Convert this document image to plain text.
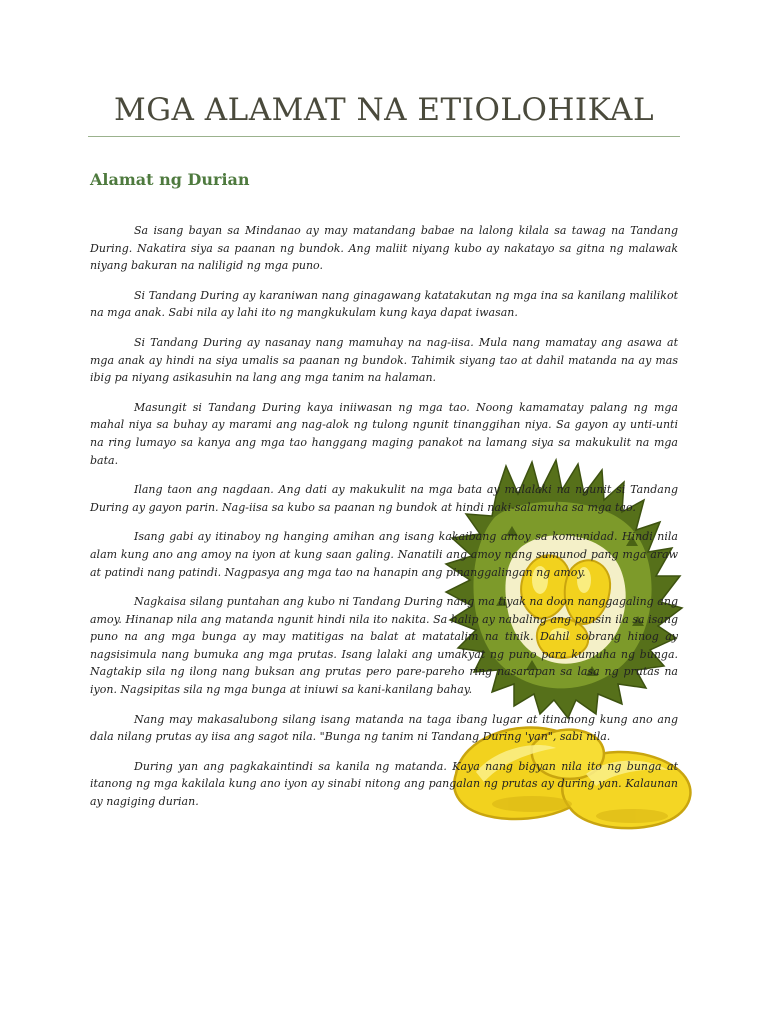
MGA ALAMAT NA ETIOLOHIKAL
Alamat ng Durian

Sa isang bayan sa Mindanao ay may matandang babae na lalong kilala sa tawag na Tandang During. Nakatira siya sa paanan ng bundok. Ang maliit niyang kubo ay nakatayo sa gitna ng malawak niyang bakuran na naliligid ng mga puno.

Si Tandang During ay karaniwan nang ginagawang katatakutan ng mga ina sa kanilang malilikot na mga anak. Sabi nila ay lahi ito ng mangkukulam kung kaya dapat iwasan.

Si Tandang During ay nasanay nang mamuhay na nag-iisa. Mula nang mamatay ang asawa at mga anak ay hindi na siya umalis sa paanan ng bundok. Tahimik siyang tao at dahil matanda na ay mas ibig pa niyang asikasuhin na lang ang mga tanim na halaman.

Masungit si Tandang During kaya iniiwasan ng mga tao. Noong kamamatay palang ng mga mahal niya sa buhay ay marami ang nag-alok ng tulong ngunit tinanggihan niya. Sa gayon ay unti-unti na ring lumayo sa kanya ang mga tao hanggang maging panakot na lamang siya sa makukulit na mga bata.

Ilang taon ang nagdaan. Ang dati ay makukulit na mga bata ay malalaki na ngunit si Tandang During ay gayon parin. Nag-iisa sa kubo sa paanan ng bundok at hindi naki-salamuha sa mga tao.

Isang gabi ay itinaboy ng hanging amihan ang isang kakaibang amoy sa komunidad. Hindi nila alam kung ano ang amoy na iyon at kung saan galing. Nanatili ang amoy nang sumunod pang mga araw at patindi nang patindi. Nagpasya ang mga tao na hanapin ang pinanggalingan ng amoy.

Nagkaisa silang puntahan ang kubo ni Tandang During nang ma tiyak na doon nanggagaling ang amoy. Hinanap nila ang matanda ngunit hindi nila ito nakita. Sa halip ay nabaling ang pansin ila sa isang puno na ang mga bunga ay may matitigas na balat at matatalim na tinik. Dahil sobrang hinog ay nagsisimula nang bumuka ang mga prutas. Isang lalaki ang umakyat ng puno para kumuha ng bunga. Nagtakip sila ng ilong nang buksan ang prutas pero pare-pareho ring nasarapan sa lasa ng prutas na iyon. Nagsipitas sila ng mga bunga at iniuwi sa kani-kanilang bahay.

Nang may makasalubong silang isang matanda na taga ibang lugar at itinanong kung ano ang dala nilang prutas ay iisa ang sagot nila. "Bunga ng tanim ni Tandang During 'yan", sabi nila.

During yan ang pagkakaintindi sa kanila ng matanda. Kaya nang bigyan nila ito ng bunga at itanong ng mga kakilala kung ano iyon ay sinabi nitong ang pangalan ng prutas ay during yan. Kalaunan ay nagiging durian.
